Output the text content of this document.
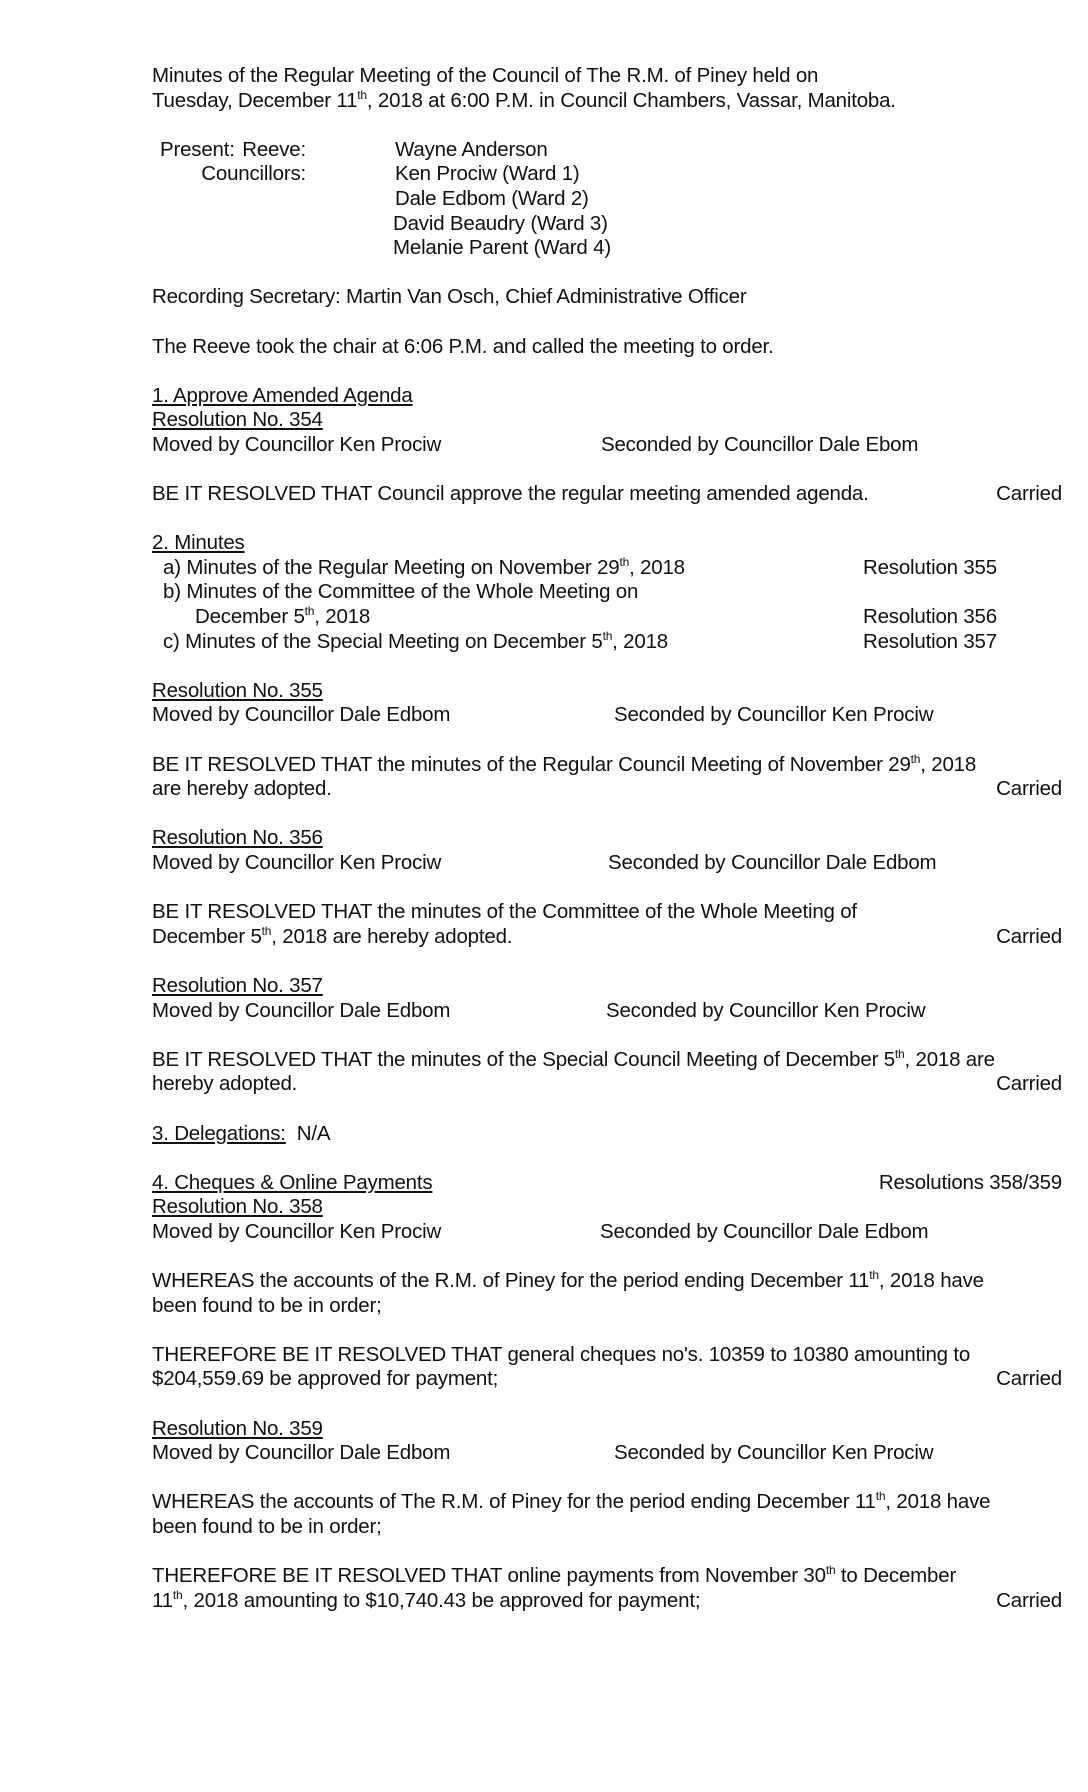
Minutes of the Regular Meeting of the Council of The R.M. of Piney held on
Tuesday, December 11th, 2018 at 6:00 P.M. in Council Chambers, Vassar, Manitoba.
Present: Reeve:	Wayne Anderson
Councillors:	Ken Prociw (Ward 1)
Dale Edbom (Ward 2)
David Beaudry (Ward 3)
Melanie Parent (Ward 4)
Recording Secretary: Martin Van Osch, Chief Administrative Officer
The Reeve took the chair at 6:06 P.M. and called the meeting to order.
1. Approve Amended Agenda
Resolution No. 354
Moved by Councillor Ken Prociw	Seconded by Councillor Dale Ebom
BE IT RESOLVED THAT Council approve the regular meeting amended agenda.	Carried
2. Minutes
a) Minutes of the Regular Meeting on November 29th, 2018	Resolution 355
b) Minutes of the Committee of the Whole Meeting on
December 5th, 2018	Resolution 356
c) Minutes of the Special Meeting on December 5th, 2018	Resolution 357
Resolution No. 355
Moved by Councillor Dale Edbom	Seconded by Councillor Ken Prociw
BE IT RESOLVED THAT the minutes of the Regular Council Meeting of November 29th, 2018
are hereby adopted.	Carried
Resolution No. 356
Moved by Councillor Ken Prociw	Seconded by Councillor Dale Edbom
BE IT RESOLVED THAT the minutes of the Committee of the Whole Meeting of
December 5th, 2018 are hereby adopted.	Carried
Resolution No. 357
Moved by Councillor Dale Edbom	Seconded by Councillor Ken Prociw
BE IT RESOLVED THAT the minutes of the Special Council Meeting of December 5th, 2018 are
hereby adopted.	Carried
3. Delegations: N/A
4. Cheques & Online Payments	Resolutions 358/359
Resolution No. 358
Moved by Councillor Ken Prociw	Seconded by Councillor Dale Edbom
WHEREAS the accounts of the R.M. of Piney for the period ending December 11th, 2018 have
been found to be in order;
THEREFORE BE IT RESOLVED THAT general cheques no's. 10359 to 10380 amounting to
$204,559.69 be approved for payment;	Carried
Resolution No. 359
Moved by Councillor Dale Edbom	Seconded by Councillor Ken Prociw
WHEREAS the accounts of The R.M. of Piney for the period ending December 11th, 2018 have
been found to be in order;
THEREFORE BE IT RESOLVED THAT online payments from November 30th to December
11th, 2018 amounting to $10,740.43 be approved for payment;	Carried
